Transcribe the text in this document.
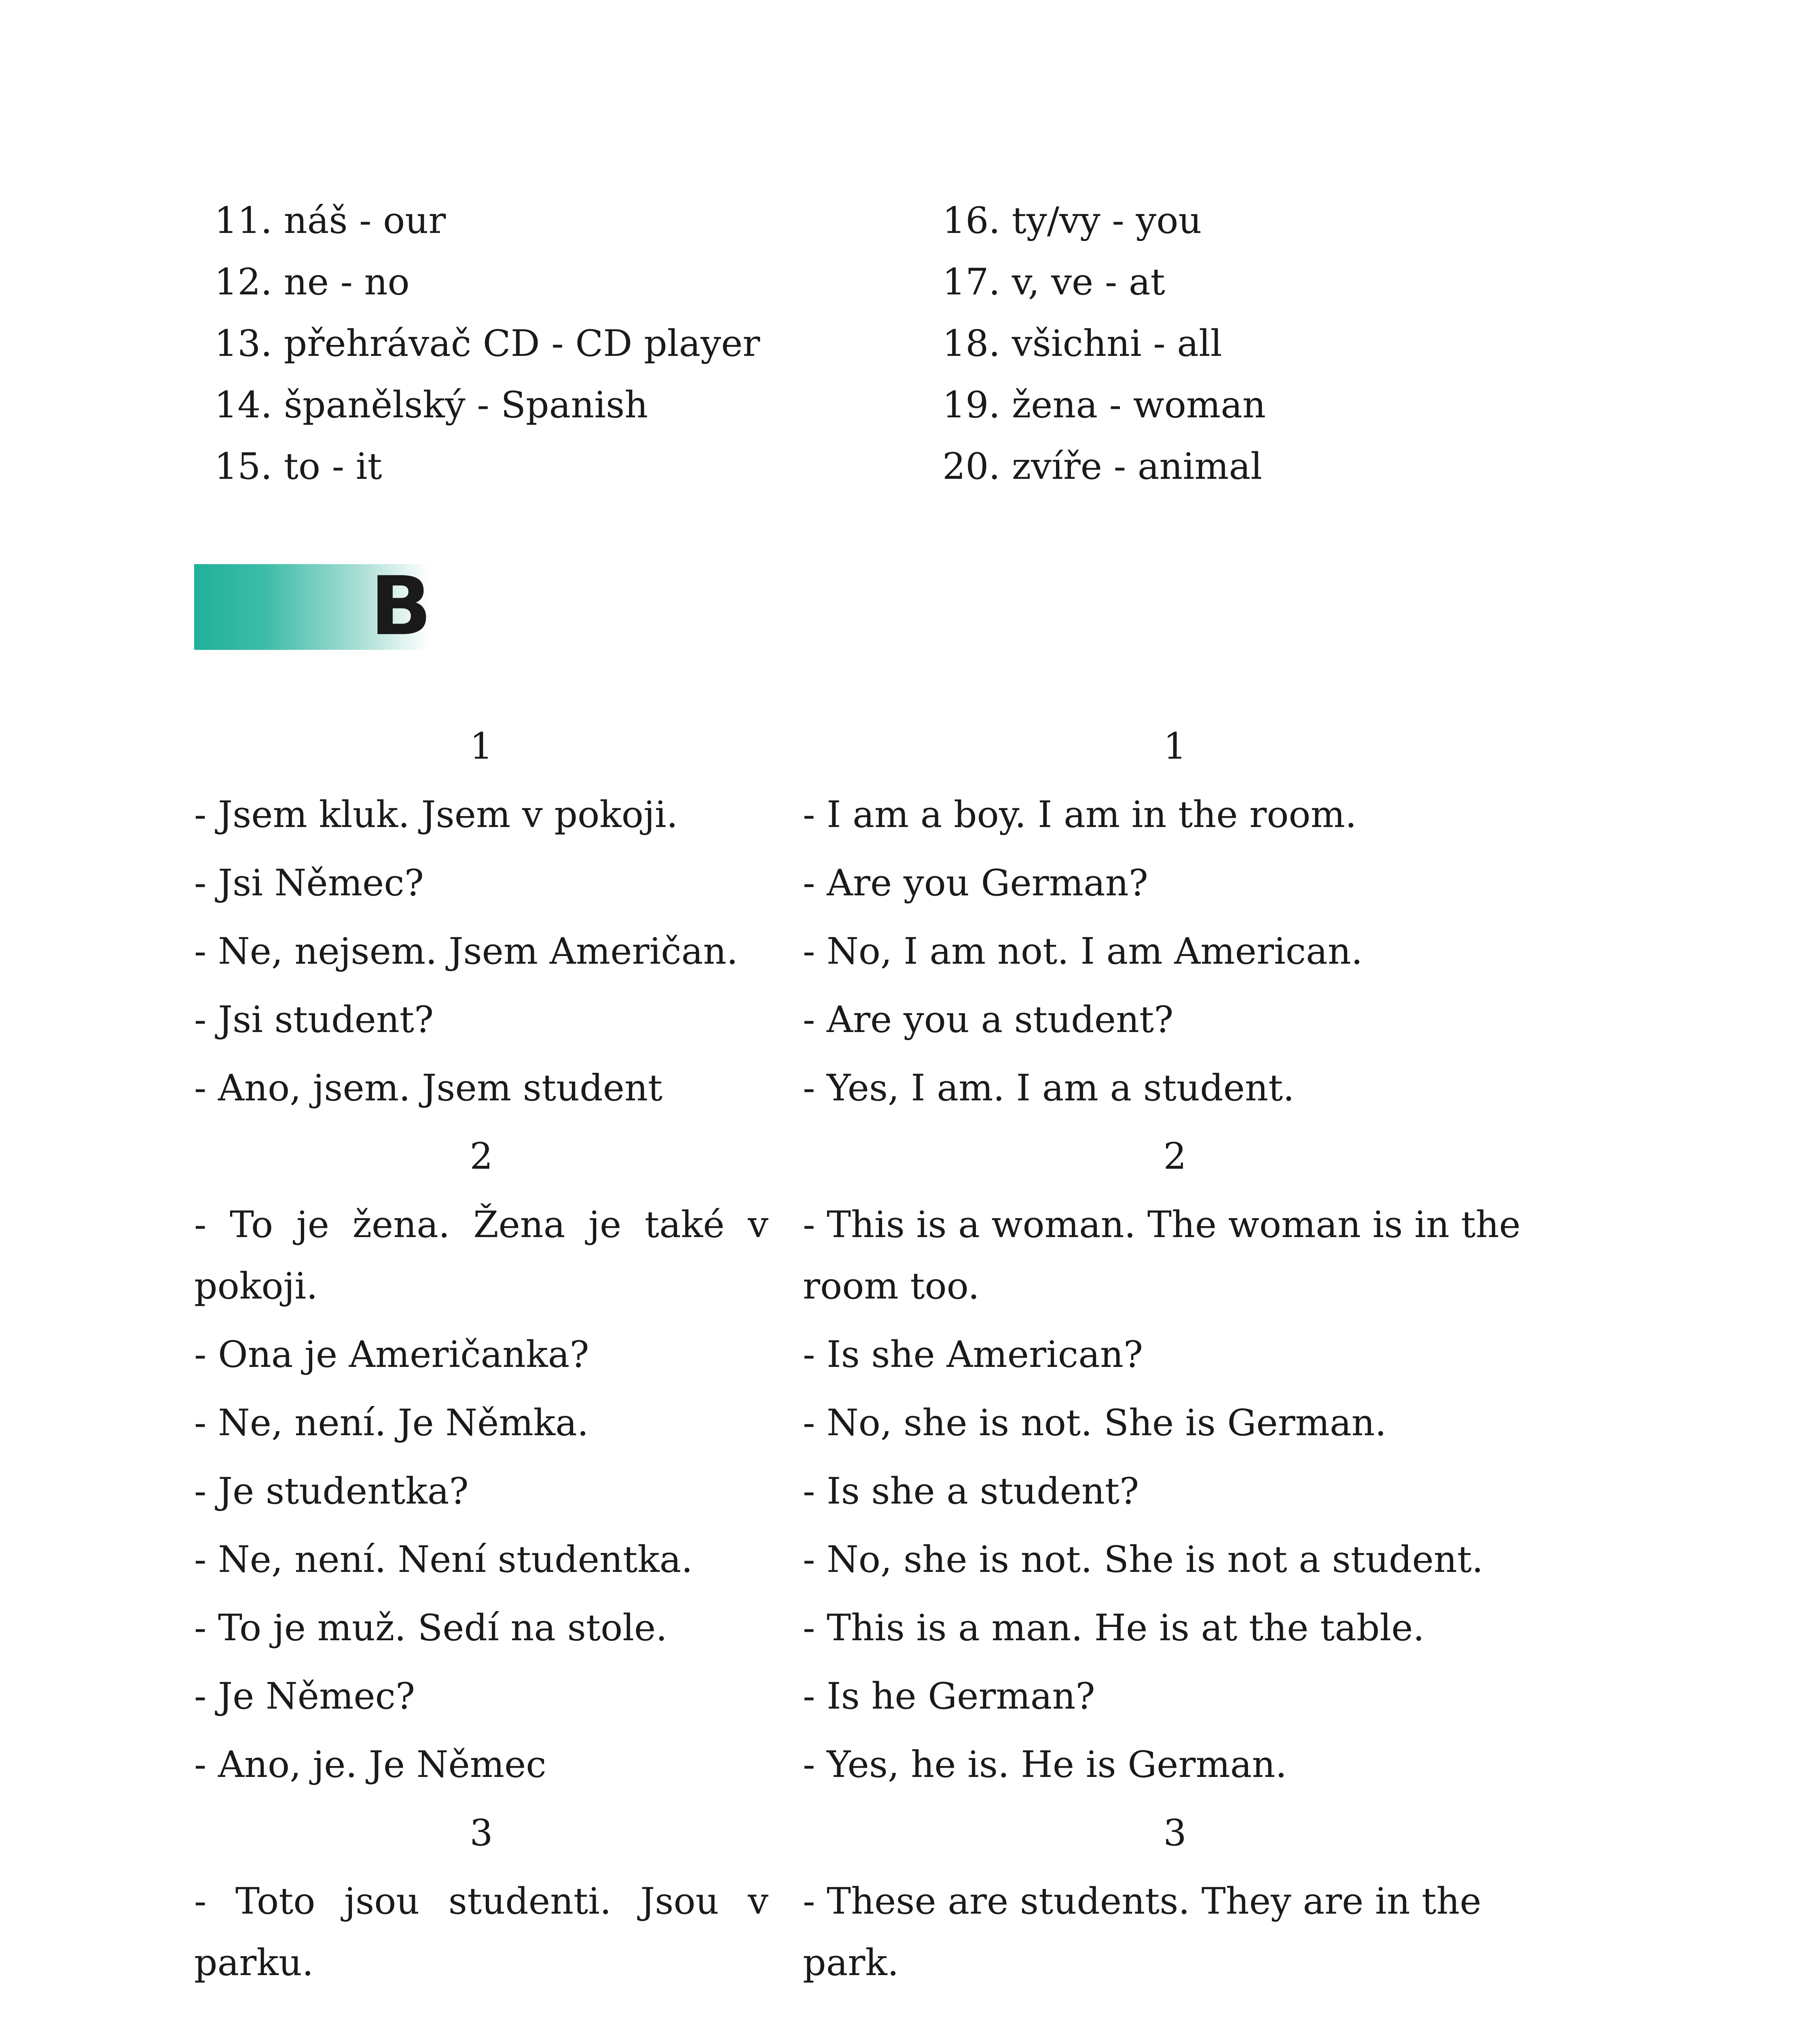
11. náš - our
12. ne - no
13. přehrávač CD - CD player
14. španělský - Spanish
15. to - it
16. ty/vy - you
17. v, ve - at
18. všichni - all
19. žena - woman
20. zvíře - animal
B
1
- Jsem kluk. Jsem v pokoji.
- Jsi Němec?
- Ne, nejsem. Jsem Američan.
- Jsi student?
- Ano, jsem. Jsem student
2
- To je žena. Žena je také v pokoji.
- Ona je Američanka?
- Ne, není. Je Němka.
- Je studentka?
- Ne, není. Není studentka.
- To je muž. Sedí na stole.
- Je Němec?
- Ano, je. Je Němec
3
- Toto jsou studenti. Jsou v parku.
1
- I am a boy. I am in the room.
- Are you German?
- No, I am not. I am American.
- Are you a student?
- Yes, I am. I am a student.
2
- This is a woman. The woman is in the room too.
- Is she American?
- No, she is not. She is German.
- Is she a student?
- No, she is not. She is not a student.
- This is a man. He is at the table.
- Is he German?
- Yes, he is. He is German.
3
- These are students. They are in the park.
